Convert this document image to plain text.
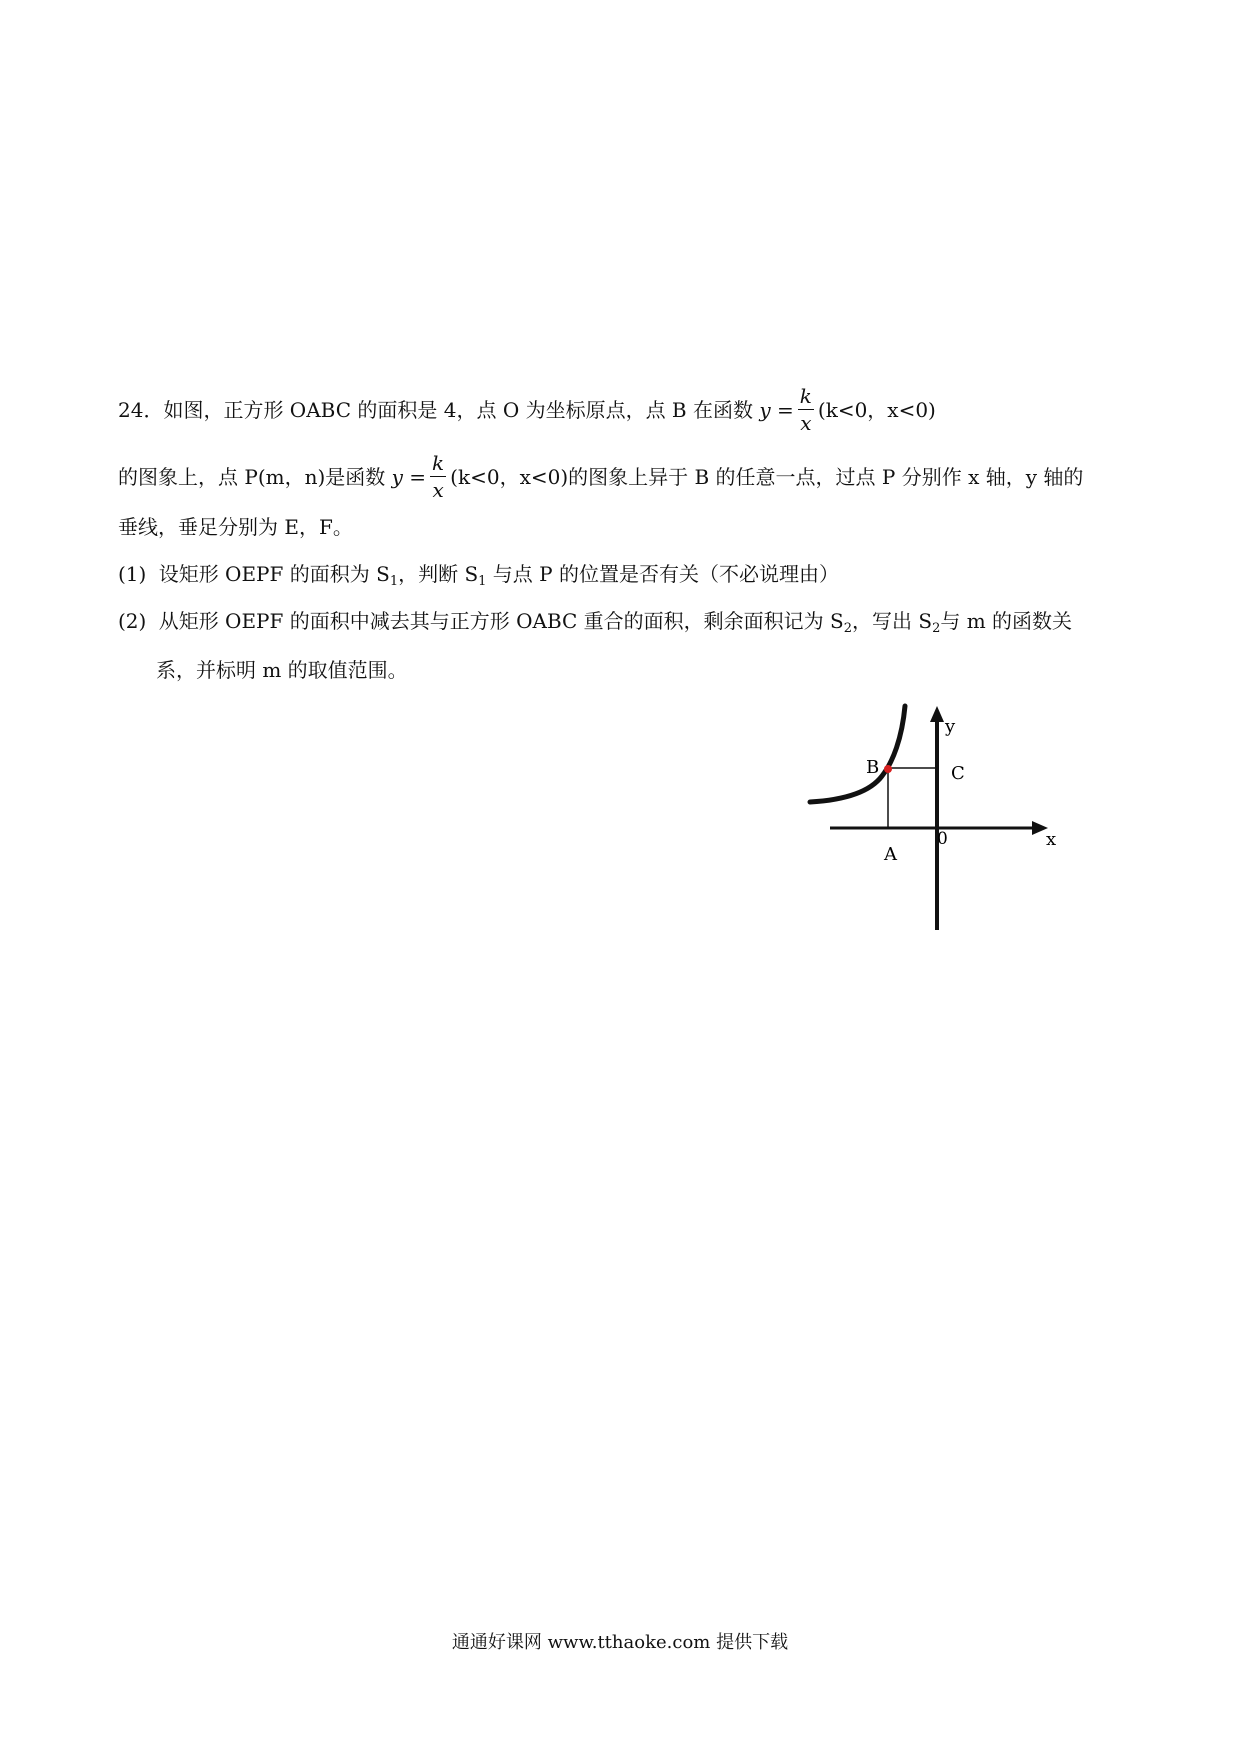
24．如图，正方形 OABC 的面积是 4，点 O 为坐标原点，点 B 在函数 $y = \frac{k}{x} (k<0$，x<0)
的图象上，点 P(m，n)是函数 $y = \frac{k}{x} (k<0$，x<0)的图象上异于 B 的任意一点，过点 P 分别作 x 轴，y 轴的
垂线，垂足分别为 E，F。
(1) 设矩形 OEPF 的面积为 $S_1$，判断 $S_1$ 与点 P 的位置是否有关（不必说理由）
(2) 从矩形 OEPF 的面积中减去其与正方形 OABC 重合的面积，剩余面积记为 $S_2$，写出 $S_2$与 m 的函数关
系，并标明 m 的取值范围。
B	C
A
0	x
y
通通好课网 www.tthaoke.com 提供下载
